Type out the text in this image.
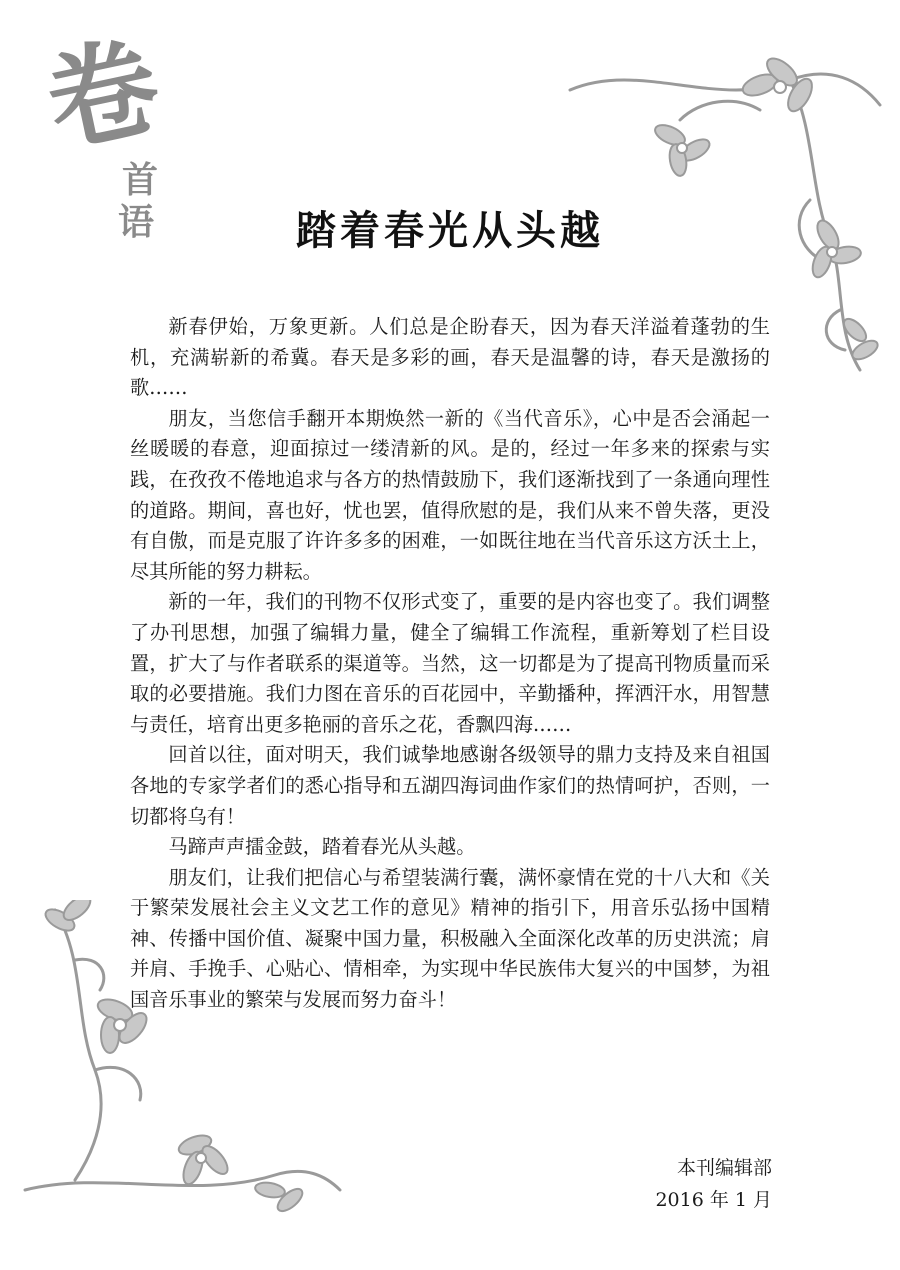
卷
首
语	踏着春光从头越

新春伊始，万象更新。人们总是企盼春天，因为春天洋溢着蓬勃的生机，充满崭新的希冀。春天是多彩的画，春天是温馨的诗，春天是激扬的歌……

朋友，当您信手翻开本期焕然一新的《当代音乐》，心中是否会涌起一丝暖暖的春意，迎面掠过一缕清新的风。是的，经过一年多来的探索与实践，在孜孜不倦地追求与各方的热情鼓励下，我们逐渐找到了一条通向理性的道路。期间，喜也好，忧也罢，值得欣慰的是，我们从来不曾失落，更没有自傲，而是克服了许许多多的困难，一如既往地在当代音乐这方沃土上，尽其所能的努力耕耘。

新的一年，我们的刊物不仅形式变了，重要的是内容也变了。我们调整了办刊思想，加强了编辑力量，健全了编辑工作流程，重新筹划了栏目设置，扩大了与作者联系的渠道等。当然，这一切都是为了提高刊物质量而采取的必要措施。我们力图在音乐的百花园中，辛勤播种，挥洒汗水，用智慧与责任，培育出更多艳丽的音乐之花，香飘四海……

回首以往，面对明天，我们诚挚地感谢各级领导的鼎力支持及来自祖国各地的专家学者们的悉心指导和五湖四海词曲作家们的热情呵护，否则，一切都将乌有！

马蹄声声擂金鼓，踏着春光从头越。

朋友们，让我们把信心与希望装满行囊，满怀豪情在党的十八大和《关于繁荣发展社会主义文艺工作的意见》精神的指引下，用音乐弘扬中国精神、传播中国价值、凝聚中国力量，积极融入全面深化改革的历史洪流；肩并肩、手挽手、心贴心、情相牵，为实现中华民族伟大复兴的中国梦，为祖国音乐事业的繁荣与发展而努力奋斗！

本刊编辑部
2016 年 1 月
